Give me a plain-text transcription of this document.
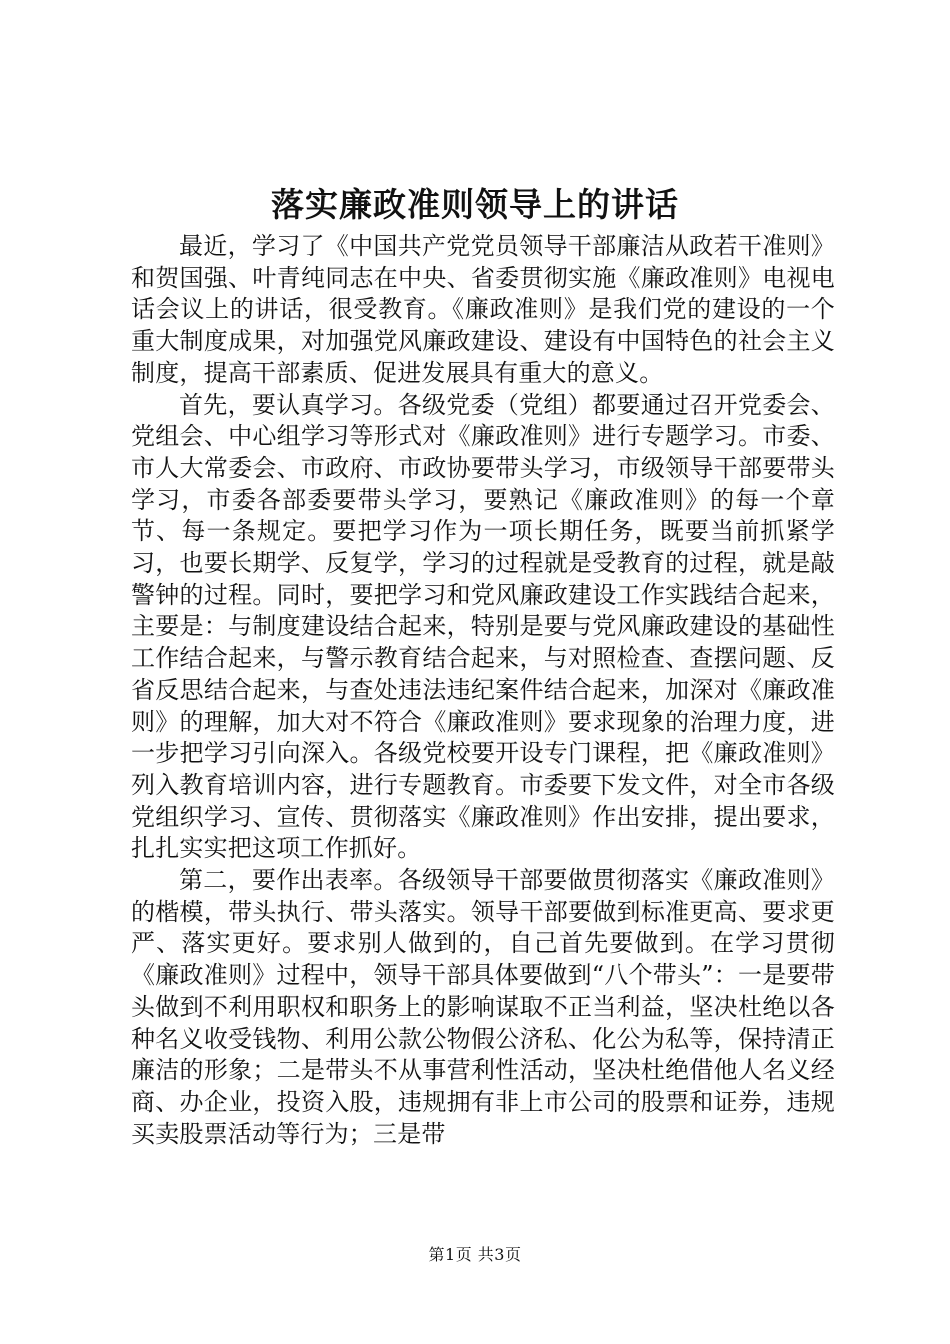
落实廉政准则领导上的讲话

最近，学习了《中国共产党党员领导干部廉洁从政若干准则》和贺国强、叶青纯同志在中央、省委贯彻实施《廉政准则》电视电话会议上的讲话，很受教育。《廉政准则》是我们党的建设的一个重大制度成果，对加强党风廉政建设、建设有中国特色的社会主义制度，提高干部素质、促进发展具有重大的意义。

首先，要认真学习。各级党委（党组）都要通过召开党委会、党组会、中心组学习等形式对《廉政准则》进行专题学习。市委、市人大常委会、市政府、市政协要带头学习，市级领导干部要带头学习，市委各部委要带头学习，要熟记《廉政准则》的每一个章节、每一条规定。要把学习作为一项长期任务，既要当前抓紧学习，也要长期学、反复学，学习的过程就是受教育的过程，就是敲警钟的过程。同时，要把学习和党风廉政建设工作实践结合起来，主要是：与制度建设结合起来，特别是要与党风廉政建设的基础性工作结合起来，与警示教育结合起来，与对照检查、查摆问题、反省反思结合起来，与查处违法违纪案件结合起来，加深对《廉政准则》的理解，加大对不符合《廉政准则》要求现象的治理力度，进一步把学习引向深入。各级党校要开设专门课程，把《廉政准则》列入教育培训内容，进行专题教育。市委要下发文件，对全市各级党组织学习、宣传、贯彻落实《廉政准则》作出安排，提出要求，扎扎实实把这项工作抓好。

第二，要作出表率。各级领导干部要做贯彻落实《廉政准则》的楷模，带头执行、带头落实。领导干部要做到标准更高、要求更严、落实更好。要求别人做到的，自己首先要做到。在学习贯彻《廉政准则》过程中，领导干部具体要做到“八个带头”：一是要带头做到不利用职权和职务上的影响谋取不正当利益，坚决杜绝以各种名义收受钱物、利用公款公物假公济私、化公为私等，保持清正廉洁的形象；二是带头不从事营利性活动，坚决杜绝借他人名义经商、办企业，投资入股，违规拥有非上市公司的股票和证券，违规买卖股票活动等行为；三是带

第1页 共3页
